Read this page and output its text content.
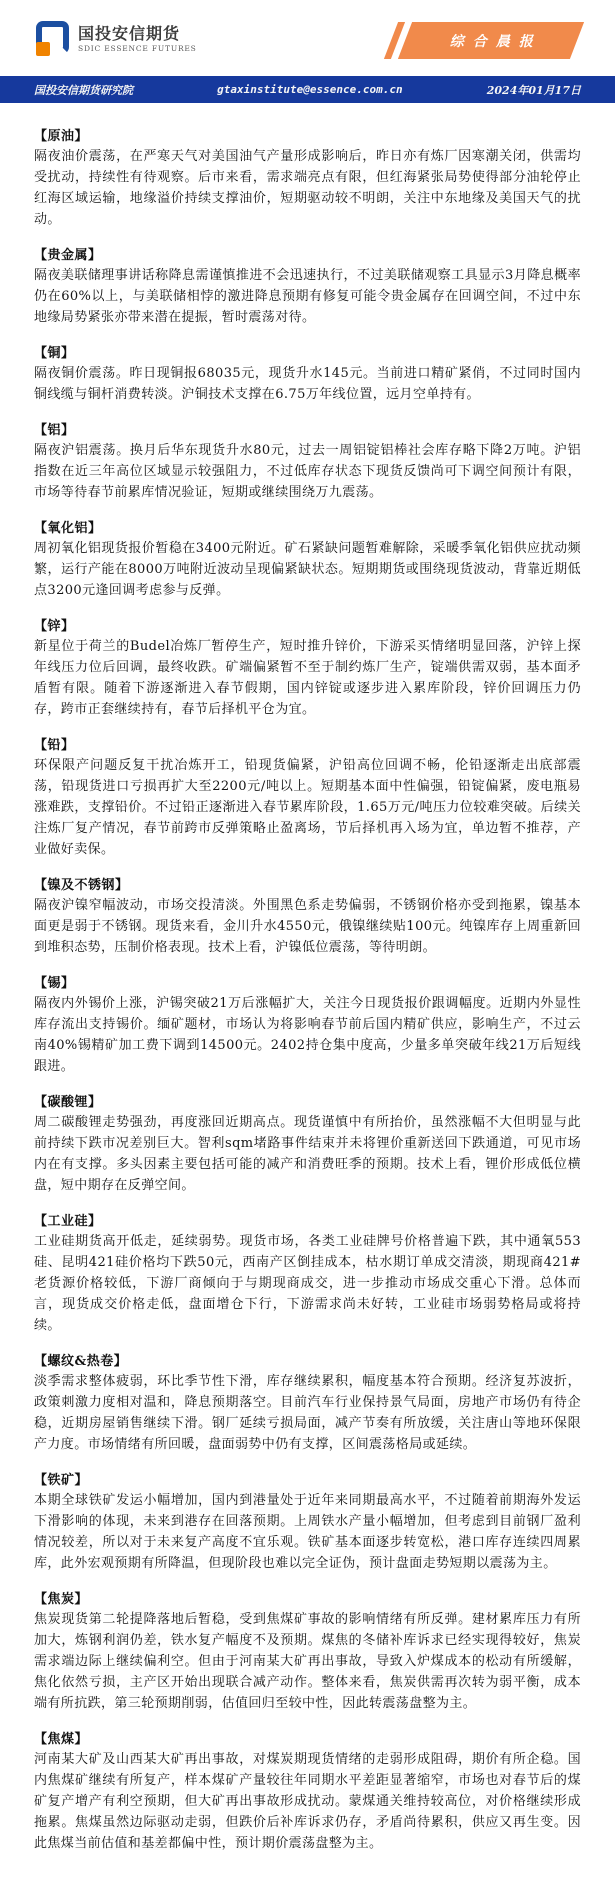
国投安信期货
SDIC ESSENCE FUTURES	综合晨报
国投安信期货研究院	gtaxinstitute@essence.com.cn	2024年01月17日
【原油】

隔夜油价震荡，在严寒天气对美国油气产量形成影响后，昨日亦有炼厂因寒潮关闭，供需均受扰动，持续性有待观察。后市来看，需求端亮点有限，但红海紧张局势使得部分油轮停止红海区域运输，地缘溢价持续支撑油价，短期驱动较不明朗，关注中东地缘及美国天气的扰动。

【贵金属】

隔夜美联储理事讲话称降息需谨慎推进不会迅速执行，不过美联储观察工具显示3月降息概率仍在60%以上，与美联储相悖的激进降息预期有修复可能令贵金属存在回调空间，不过中东地缘局势紧张亦带来潜在提振，暂时震荡对待。

【铜】

隔夜铜价震荡。昨日现铜报68035元，现货升水145元。当前进口精矿紧俏，不过同时国内铜线缆与铜杆消费转淡。沪铜技术支撑在6.75万年线位置，远月空单持有。

【铝】

隔夜沪铝震荡。换月后华东现货升水80元，过去一周铝锭铝棒社会库存略下降2万吨。沪铝指数在近三年高位区域显示较强阻力，不过低库存状态下现货反馈尚可下调空间预计有限，市场等待春节前累库情况验证，短期或继续围绕万九震荡。

【氧化铝】

周初氧化铝现货报价暂稳在3400元附近。矿石紧缺问题暂难解除，采暖季氧化铝供应扰动频繁，运行产能在8000万吨附近波动呈现偏紧缺状态。短期期货或围绕现货波动，背靠近期低点3200元逢回调考虑参与反弹。

【锌】

新星位于荷兰的Budel冶炼厂暂停生产，短时推升锌价，下游采买情绪明显回落，沪锌上探年线压力位后回调，最终收跌。矿端偏紧暂不至于制约炼厂生产，锭端供需双弱，基本面矛盾暂有限。随着下游逐渐进入春节假期，国内锌锭或逐步进入累库阶段，锌价回调压力仍存，跨市正套继续持有，春节后择机平仓为宜。

【铅】

环保限产问题反复干扰冶炼开工，铅现货偏紧，沪铅高位回调不畅，伦铅逐渐走出底部震荡，铅现货进口亏损再扩大至2200元/吨以上。短期基本面中性偏强，铅锭偏紧，废电瓶易涨难跌，支撑铅价。不过铅正逐渐进入春节累库阶段，1.65万元/吨压力位较难突破。后续关注炼厂复产情况，春节前跨市反弹策略止盈离场，节后择机再入场为宜，单边暂不推荐，产业做好卖保。

【镍及不锈钢】

隔夜沪镍窄幅波动，市场交投清淡。外围黑色系走势偏弱，不锈钢价格亦受到拖累，镍基本面更是弱于不锈钢。现货来看，金川升水4550元，俄镍继续贴100元。纯镍库存上周重新回到堆积态势，压制价格表现。技术上看，沪镍低位震荡，等待明朗。

【锡】

隔夜内外锡价上涨，沪锡突破21万后涨幅扩大，关注今日现货报价跟调幅度。近期内外显性库存流出支持锡价。缅矿题材，市场认为将影响春节前后国内精矿供应，影响生产，不过云南40%锡精矿加工费下调到14500元。2402持仓集中度高，少量多单突破年线21万后短线跟进。

【碳酸锂】

周二碳酸锂走势强劲，再度涨回近期高点。现货谨慎中有所抬价，虽然涨幅不大但明显与此前持续下跌市况差别巨大。智利sqm堵路事件结束并未将锂价重新送回下跌通道，可见市场内在有支撑。多头因素主要包括可能的减产和消费旺季的预期。技术上看，锂价形成低位横盘，短中期存在反弹空间。

【工业硅】

工业硅期货高开低走，延续弱势。现货市场，各类工业硅牌号价格普遍下跌，其中通氧553硅、昆明421硅价格均下跌50元，西南产区倒挂成本，枯水期订单成交清淡，期现商421#老货源价格较低，下游厂商倾向于与期现商成交，进一步推动市场成交重心下滑。总体而言，现货成交价格走低，盘面增仓下行，下游需求尚未好转，工业硅市场弱势格局或将持续。

【螺纹&热卷】

淡季需求整体疲弱，环比季节性下滑，库存继续累积，幅度基本符合预期。经济复苏波折，政策刺激力度相对温和，降息预期落空。目前汽车行业保持景气局面，房地产市场仍有待企稳，近期房屋销售继续下滑。钢厂延续亏损局面，减产节奏有所放缓，关注唐山等地环保限产力度。市场情绪有所回暖，盘面弱势中仍有支撑，区间震荡格局或延续。

【铁矿】

本期全球铁矿发运小幅增加，国内到港量处于近年来同期最高水平，不过随着前期海外发运下滑影响的体现，未来到港存在回落预期。上周铁水产量小幅增加，但考虑到目前钢厂盈利情况较差，所以对于未来复产高度不宜乐观。铁矿基本面逐步转宽松，港口库存连续四周累库，此外宏观预期有所降温，但现阶段也难以完全证伪，预计盘面走势短期以震荡为主。

【焦炭】

焦炭现货第二轮提降落地后暂稳，受到焦煤矿事故的影响情绪有所反弹。建材累库压力有所加大，炼钢利润仍差，铁水复产幅度不及预期。煤焦的冬储补库诉求已经实现得较好，焦炭需求端边际上继续偏利空。但由于河南某大矿再出事故，导致入炉煤成本的松动有所缓解，焦化依然亏损，主产区开始出现联合减产动作。整体来看，焦炭供需再次转为弱平衡，成本端有所抗跌，第三轮预期削弱，估值回归至较中性，因此转震荡盘整为主。

【焦煤】

河南某大矿及山西某大矿再出事故，对煤炭期现货情绪的走弱形成阻碍，期价有所企稳。国内焦煤矿继续有所复产，样本煤矿产量较往年同期水平差距显著缩窄，市场也对春节后的煤矿复产增产有利空预期，但大矿再出事故形成扰动。蒙煤通关维持较高位，对价格继续形成拖累。焦煤虽然边际驱动走弱，但跌价后补库诉求仍存，矛盾尚待累积，供应又再生变。因此焦煤当前估值和基差都偏中性，预计期价震荡盘整为主。
